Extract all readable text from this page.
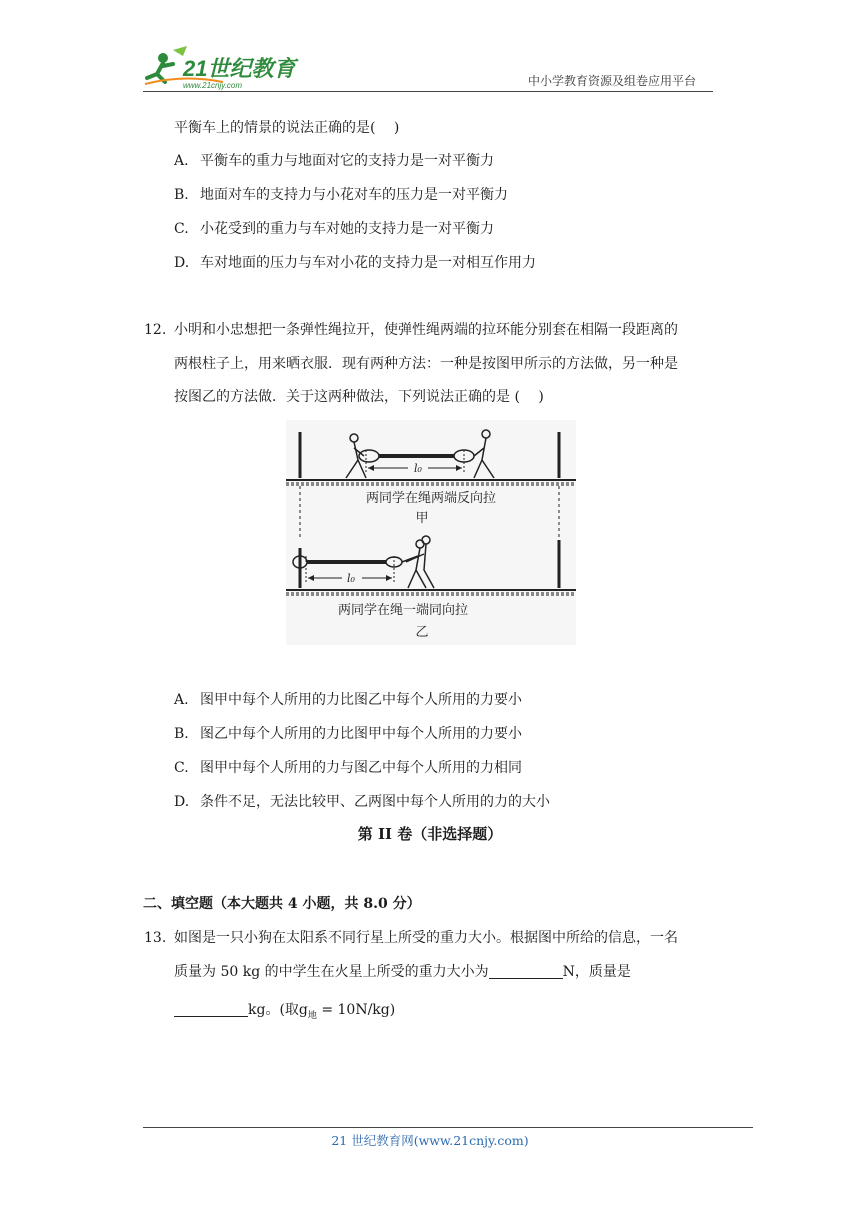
21世纪教育
www.21cnjy.com	中小学教育资源及组卷应用平台
平衡车上的情景的说法正确的是(　 )
A. 平衡车的重力与地面对它的支持力是一对平衡力
B. 地面对车的支持力与小花对车的压力是一对平衡力
C. 小花受到的重力与车对她的支持力是一对平衡力
D. 车对地面的压力与车对小花的支持力是一对相互作用力
12. 小明和小忠想把一条弹性绳拉开，使弹性绳两端的拉环能分别套在相隔一段距离的
两根柱子上，用来晒衣服．现有两种方法：一种是按图甲所示的方法做，另一种是
按图乙的方法做．关于这两种做法，下列说法正确的是 (　 )
l₀
两同学在绳两端反向拉
甲
l₀
两同学在绳一端同向拉
乙
A. 图甲中每个人所用的力比图乙中每个人所用的力要小
B. 图乙中每个人所用的力比图甲中每个人所用的力要小
C. 图甲中每个人所用的力与图乙中每个人所用的力相同
D. 条件不足，无法比较甲、乙两图中每个人所用的力的大小
第 II 卷（非选择题）
二、填空题（本大题共 4 小题，共 8.0 分）
13. 如图是一只小狗在太阳系不同行星上所受的重力大小。根据图中所给的信息，一名
质量为 50 kg 的中学生在火星上所受的重力大小为	N，质量是
kg。(取$g_地 = 10N/kg$)
21 世纪教育网(www.21cnjy.com)
